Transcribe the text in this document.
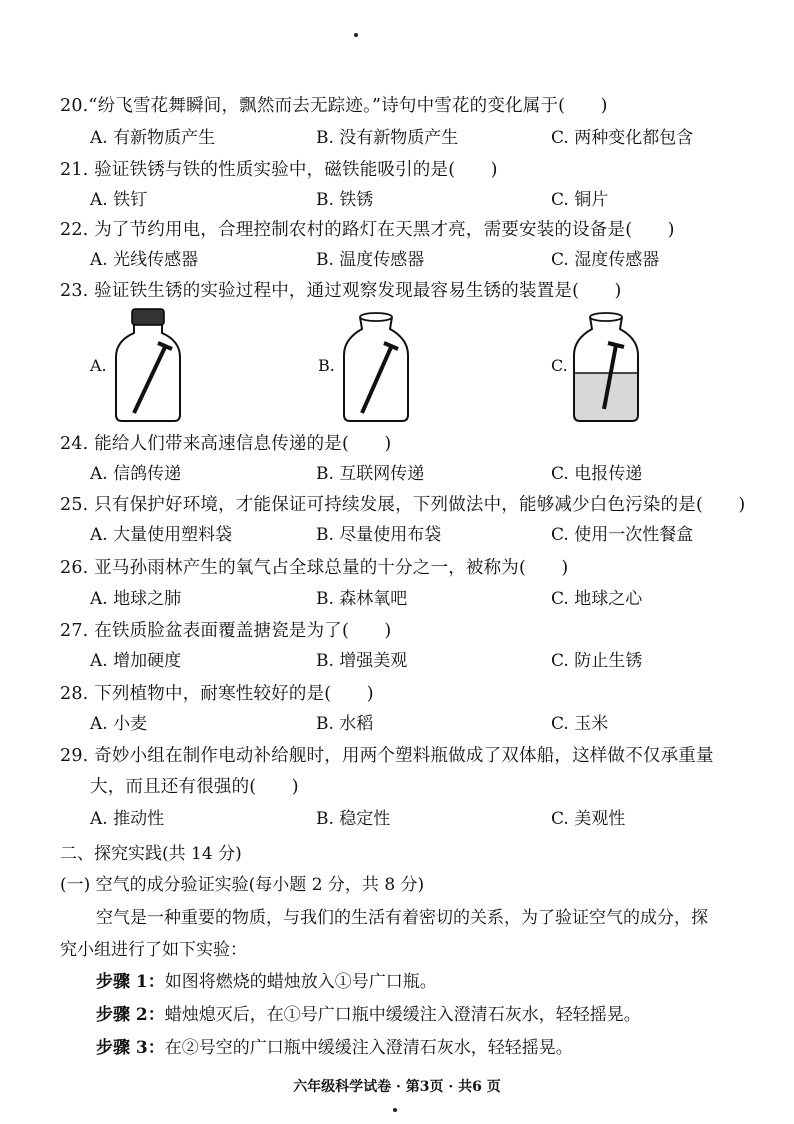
20.“纷飞雪花舞瞬间，飘然而去无踪迹。”诗句中雪花的变化属于(　　)
A. 有新物质产生	B. 没有新物质产生	C. 两种变化都包含
21. 验证铁锈与铁的性质实验中，磁铁能吸引的是(　　)
A. 铁钉	B. 铁锈	C. 铜片
22. 为了节约用电，合理控制农村的路灯在天黑才亮，需要安装的设备是(　　)
A. 光线传感器	B. 温度传感器	C. 湿度传感器
23. 验证铁生锈的实验过程中，通过观察发现最容易生锈的装置是(　　)
A.	B.	C.
24. 能给人们带来高速信息传递的是(　　)
A. 信鸽传递	B. 互联网传递	C. 电报传递
25. 只有保护好环境，才能保证可持续发展，下列做法中，能够减少白色污染的是(　　)
A. 大量使用塑料袋	B. 尽量使用布袋	C. 使用一次性餐盒
26. 亚马孙雨林产生的氧气占全球总量的十分之一，被称为(　　)
A. 地球之肺	B. 森林氧吧	C. 地球之心
27. 在铁质脸盆表面覆盖搪瓷是为了(　　)
A. 增加硬度	B. 增强美观	C. 防止生锈
28. 下列植物中，耐寒性较好的是(　　)
A. 小麦	B. 水稻	C. 玉米
29. 奇妙小组在制作电动补给舰时，用两个塑料瓶做成了双体船，这样做不仅承重量
大，而且还有很强的(　　)
A. 推动性	B. 稳定性	C. 美观性
二、探究实践(共 14 分)
(一) 空气的成分验证实验(每小题 2 分，共 8 分)
空气是一种重要的物质，与我们的生活有着密切的关系，为了验证空气的成分，探
究小组进行了如下实验：
步骤 1：如图将燃烧的蜡烛放入①号广口瓶。
步骤 2：蜡烛熄灭后，在①号广口瓶中缓缓注入澄清石灰水，轻轻摇晃。
步骤 3：在②号空的广口瓶中缓缓注入澄清石灰水，轻轻摇晃。
六年级科学试卷 · 第3页 · 共6 页
